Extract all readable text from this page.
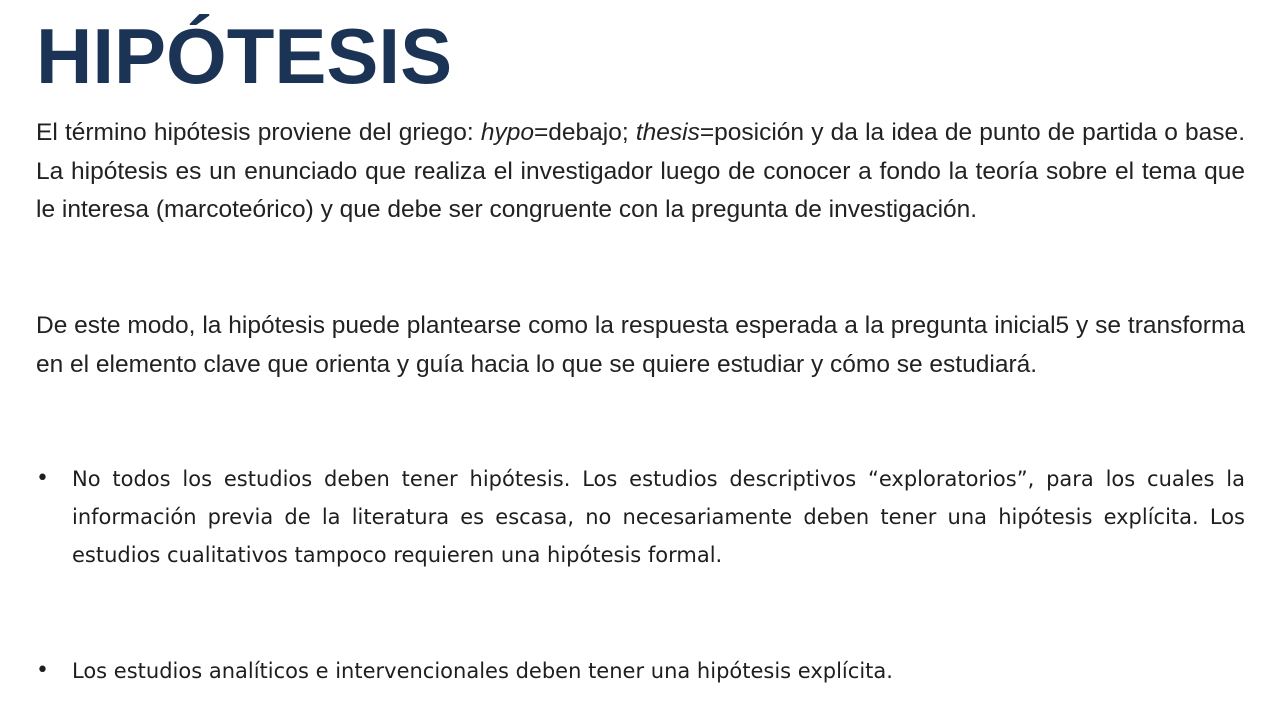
HIPÓTESIS

El término hipótesis proviene del griego: hypo=debajo; thesis=posición y da la idea de punto de partida o base. La hipótesis es un enunciado que realiza el investigador luego de conocer a fondo la teoría sobre el tema que le interesa (marcoteórico) y que debe ser congruente con la pregunta de investigación.

De este modo, la hipótesis puede plantearse como la respuesta esperada a la pregunta inicial5 y se transforma en el elemento clave que orienta y guía hacia lo que se quiere estudiar y cómo se estudiará.

•	No todos los estudios deben tener hipótesis. Los estudios descriptivos “exploratorios”, para los cuales la información previa de la literatura es escasa, no necesariamente deben tener una hipótesis explícita. Los estudios cualitativos tampoco requieren una hipótesis formal.
•	Los estudios analíticos e intervencionales deben tener una hipótesis explícita.
